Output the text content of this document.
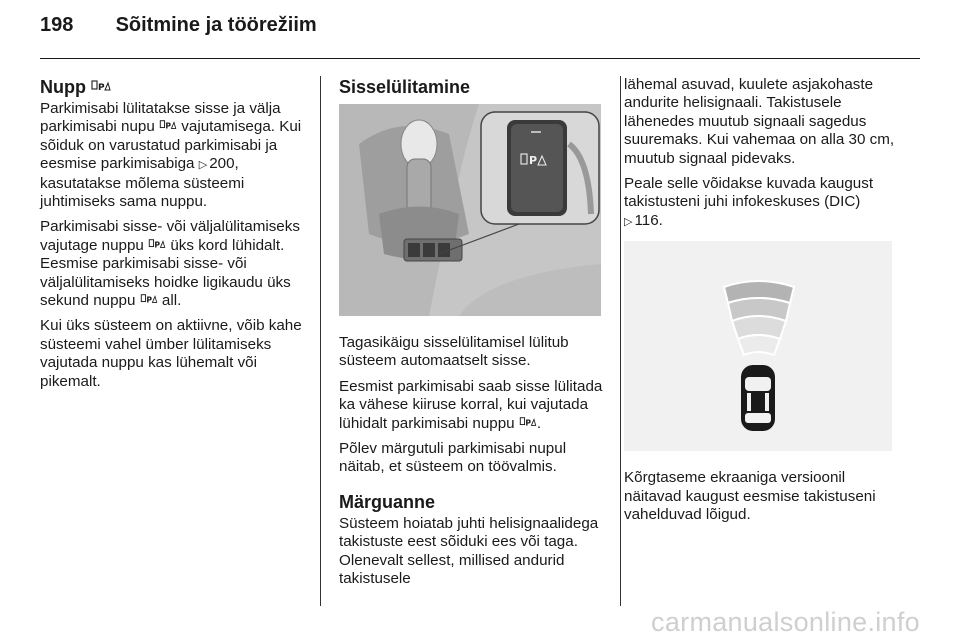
198 Sõitmine ja töörežiim
Nupp P

Parkimisabi lülitatakse sisse ja välja parkimisabi nupu P vajutamisega. Kui sõiduk on varustatud parkimisabi ja eesmise parkimisabiga ▷ 200, kasutatakse mõlema süsteemi juhtimiseks sama nuppu.

Parkimisabi sisse- või väljalülitamiseks vajutage nuppu P üks kord lühidalt. Eesmise parkimisabi sisse- või väljalülitamiseks hoidke ligikaudu üks sekund nuppu P all.

Kui üks süsteem on aktiivne, võib kahe süsteemi vahel ümber lülitamiseks vajutada nuppu kas lühemalt või pikemalt.

Sisselülitamine
P

Tagasikäigu sisselülitamisel lülitub süsteem automaatselt sisse.

Eesmist parkimisabi saab sisse lülitada ka vähese kiiruse korral, kui vajutada lühidalt parkimisabi nuppu P .

Põlev märgutuli parkimisabi nupul näitab, et süsteem on töövalmis.

Märguanne

Süsteem hoiatab juhti helisignaalidega takistuste eest sõiduki ees või taga. Olenevalt sellest, millised andurid takistusele

lähemal asuvad, kuulete asjakohaste andurite helisignaali. Takistusele lähenedes muutub signaali sagedus suuremaks. Kui vahemaa on alla 30 cm, muutub signaal pidevaks.

Peale selle võidakse kuvada kaugust takistusteni juhi infokeskuses (DIC)
▷ 116.

Kõrgtaseme ekraaniga versioonil näitavad kaugust eesmise takistuseni vahelduvad lõigud.

carmanualsonline.info
